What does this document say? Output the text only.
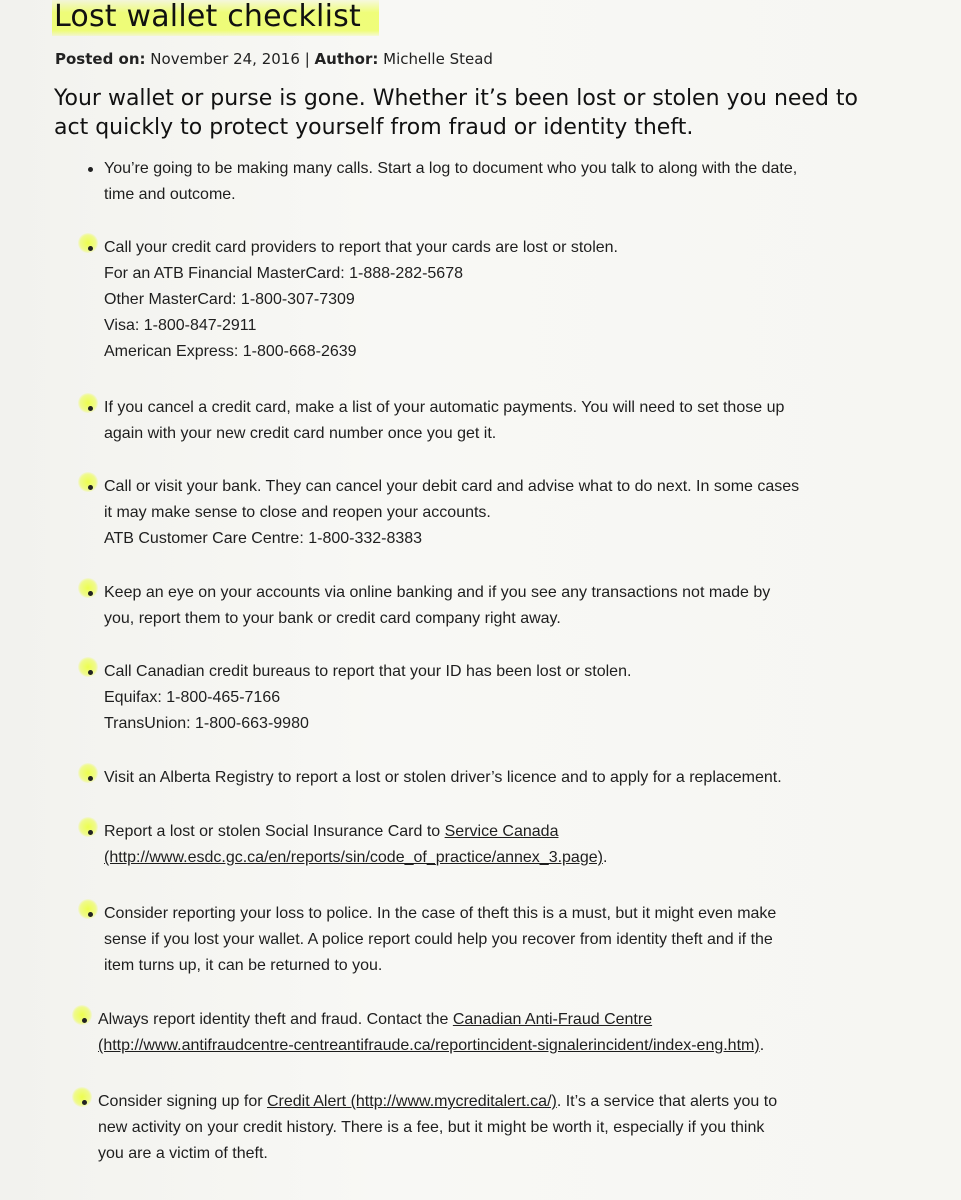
Lost wallet checklist
Posted on: November 24, 2016 | Author: Michelle Stead
Your wallet or purse is gone. Whether it’s been lost or stolen you need to
act quickly to protect yourself from fraud or identity theft.
You’re going to be making many calls. Start a log to document who you talk to along with the date,
time and outcome.
Call your credit card providers to report that your cards are lost or stolen.
For an ATB Financial MasterCard: 1-888-282-5678
Other MasterCard: 1-800-307-7309
Visa: 1-800-847-2911
American Express: 1-800-668-2639
If you cancel a credit card, make a list of your automatic payments. You will need to set those up
again with your new credit card number once you get it.
Call or visit your bank. They can cancel your debit card and advise what to do next. In some cases
it may make sense to close and reopen your accounts.
ATB Customer Care Centre: 1-800-332-8383
Keep an eye on your accounts via online banking and if you see any transactions not made by
you, report them to your bank or credit card company right away.
Call Canadian credit bureaus to report that your ID has been lost or stolen.
Equifax: 1-800-465-7166
TransUnion: 1-800-663-9980
Visit an Alberta Registry to report a lost or stolen driver’s licence and to apply for a replacement.
Report a lost or stolen Social Insurance Card to Service Canada
(http://www.esdc.gc.ca/en/reports/sin/code_of_practice/annex_3.page).
Consider reporting your loss to police. In the case of theft this is a must, but it might even make
sense if you lost your wallet. A police report could help you recover from identity theft and if the
item turns up, it can be returned to you.
Always report identity theft and fraud. Contact the Canadian Anti-Fraud Centre
(http://www.antifraudcentre-centreantifraude.ca/reportincident-signalerincident/index-eng.htm).
Consider signing up for Credit Alert (http://www.mycreditalert.ca/). It’s a service that alerts you to
new activity on your credit history. There is a fee, but it might be worth it, especially if you think
you are a victim of theft.
